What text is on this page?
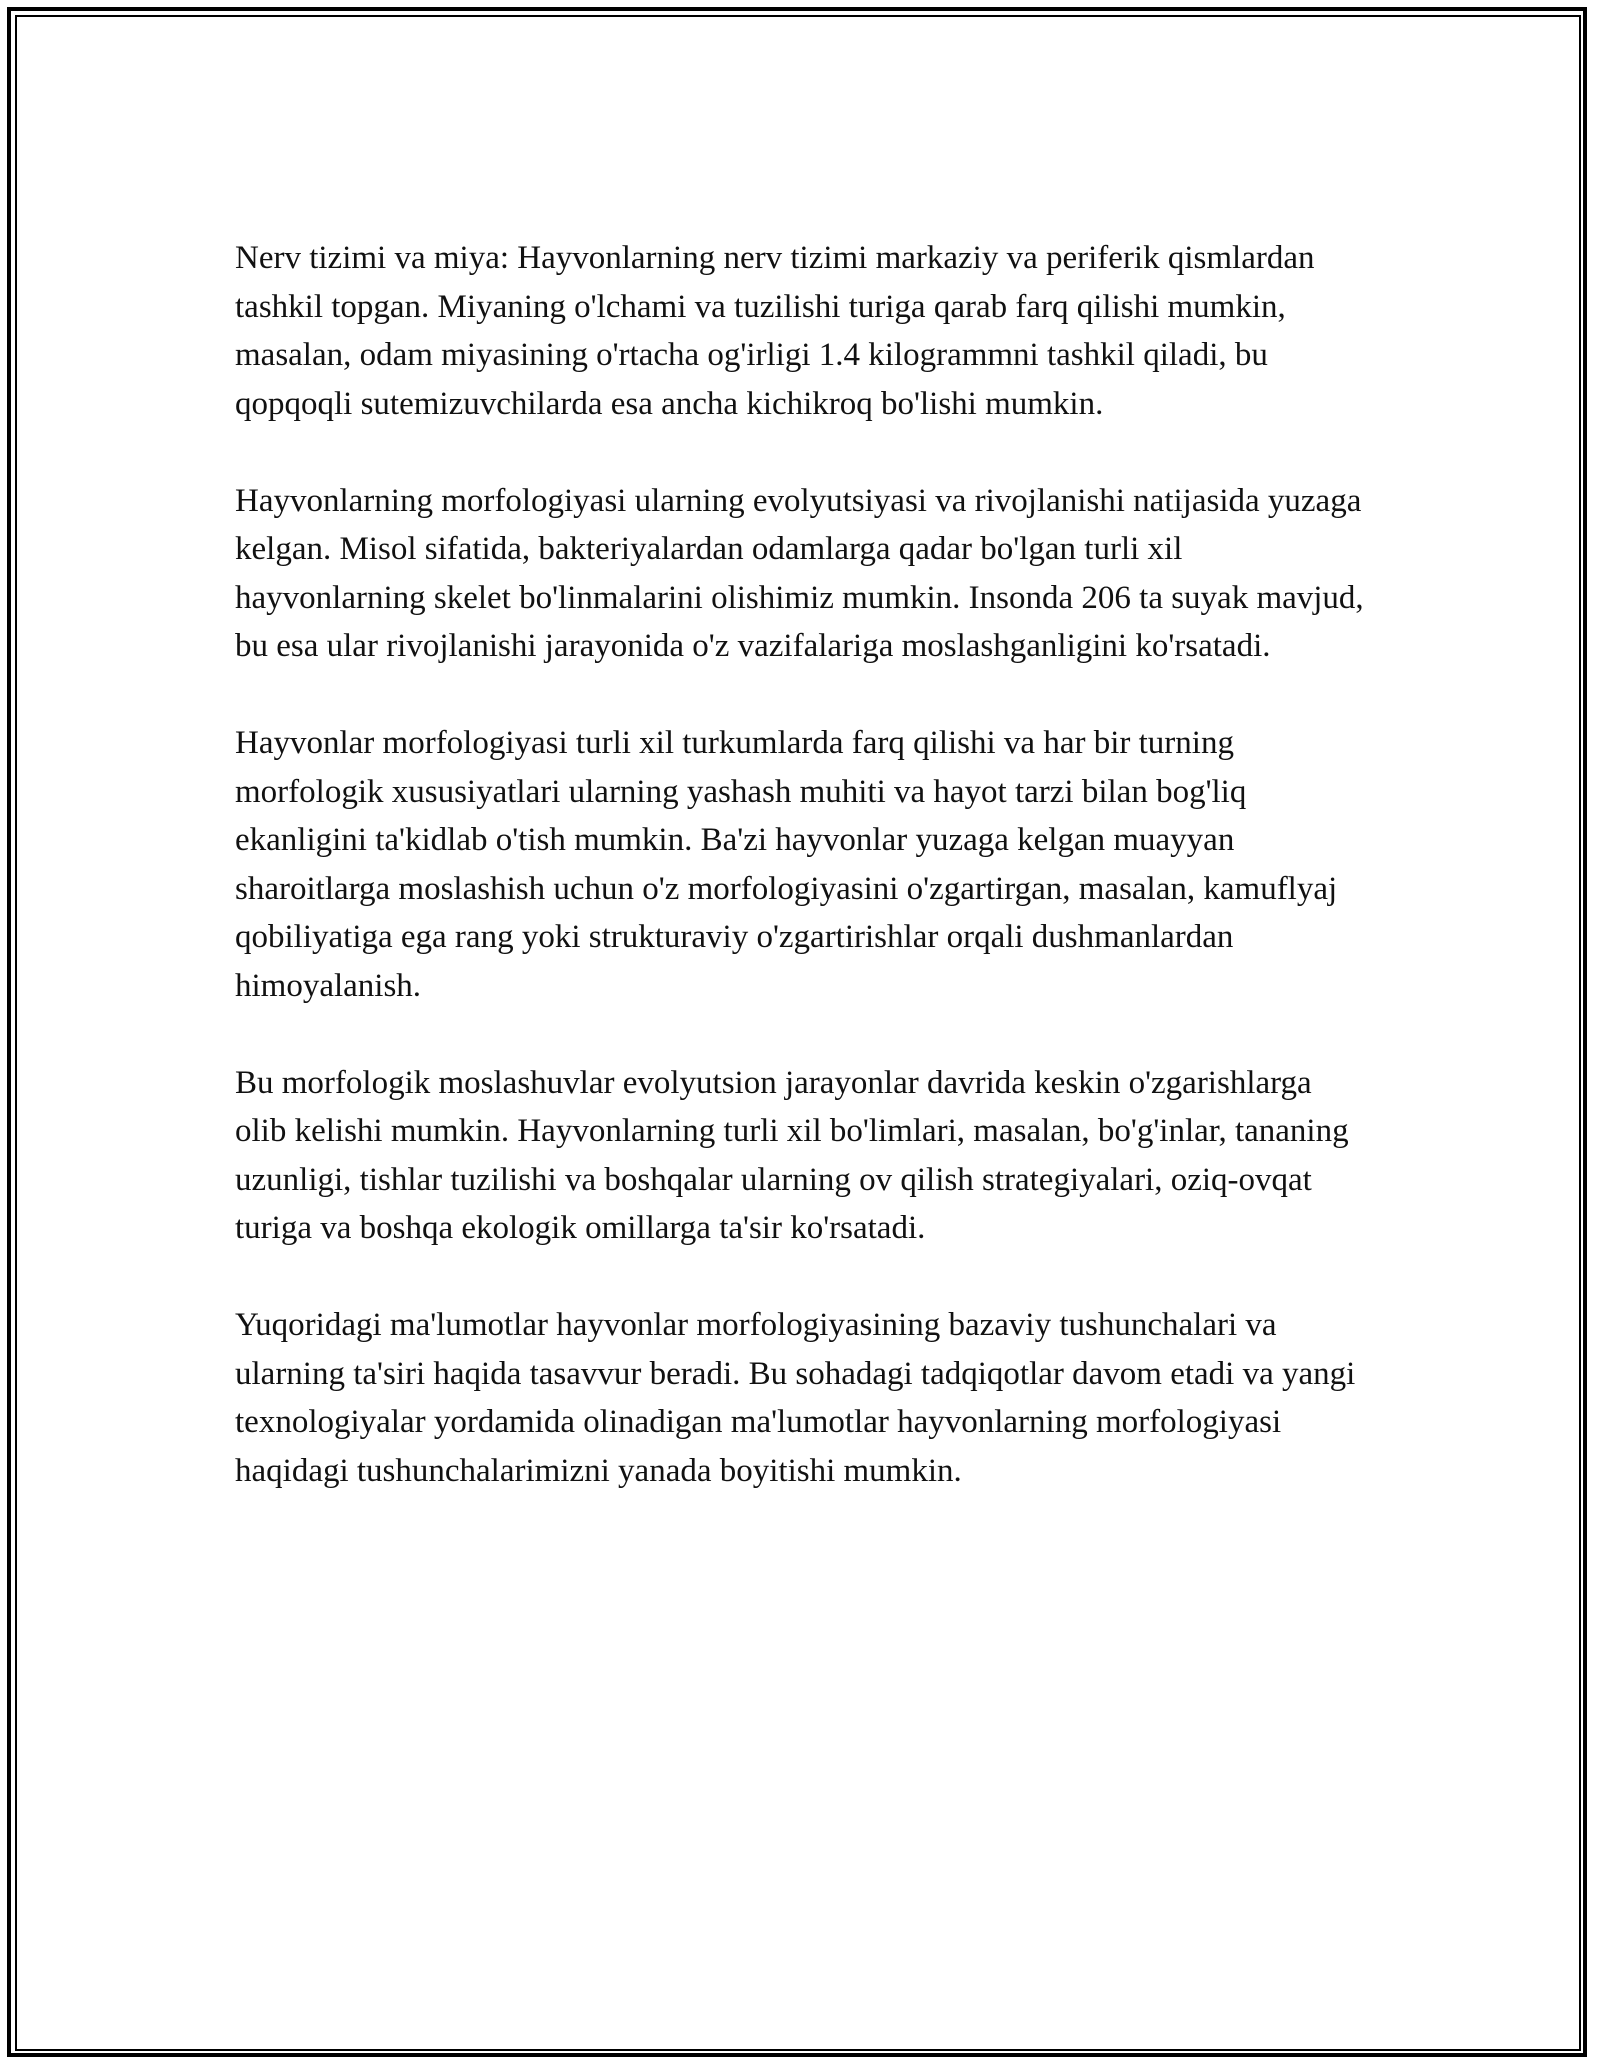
Nerv tizimi va miya: Hayvonlarning nerv tizimi markaziy va periferik qismlardan tashkil topgan. Miyaning o'lchami va tuzilishi turiga qarab farq qilishi mumkin, masalan, odam miyasining o'rtacha og'irligi 1.4 kilogrammni tashkil qiladi, bu qopqoqli sutemizuvchilarda esa ancha kichikroq bo'lishi mumkin.

Hayvonlarning morfologiyasi ularning evolyutsiyasi va rivojlanishi natijasida yuzaga kelgan. Misol sifatida, bakteriyalardan odamlarga qadar bo'lgan turli xil hayvonlarning skelet bo'linmalarini olishimiz mumkin. Insonda 206 ta suyak mavjud, bu esa ular rivojlanishi jarayonida o'z vazifalariga moslashganligini ko'rsatadi.

Hayvonlar morfologiyasi turli xil turkumlarda farq qilishi va har bir turning morfologik xususiyatlari ularning yashash muhiti va hayot tarzi bilan bog'liq ekanligini ta'kidlab o'tish mumkin. Ba'zi hayvonlar yuzaga kelgan muayyan sharoitlarga moslashish uchun o'z morfologiyasini o'zgartirgan, masalan, kamuflyaj qobiliyatiga ega rang yoki strukturaviy o'zgartirishlar orqali dushmanlardan himoyalanish.

Bu morfologik moslashuvlar evolyutsion jarayonlar davrida keskin o'zgarishlarga olib kelishi mumkin. Hayvonlarning turli xil bo'limlari, masalan, bo'g'inlar, tananing uzunligi, tishlar tuzilishi va boshqalar ularning ov qilish strategiyalari, oziq-ovqat turiga va boshqa ekologik omillarga ta'sir ko'rsatadi.

Yuqoridagi ma'lumotlar hayvonlar morfologiyasining bazaviy tushunchalari va ularning ta'siri haqida tasavvur beradi. Bu sohadagi tadqiqotlar davom etadi va yangi texnologiyalar yordamida olinadigan ma'lumotlar hayvonlarning morfologiyasi haqidagi tushunchalarimizni yanada boyitishi mumkin.
